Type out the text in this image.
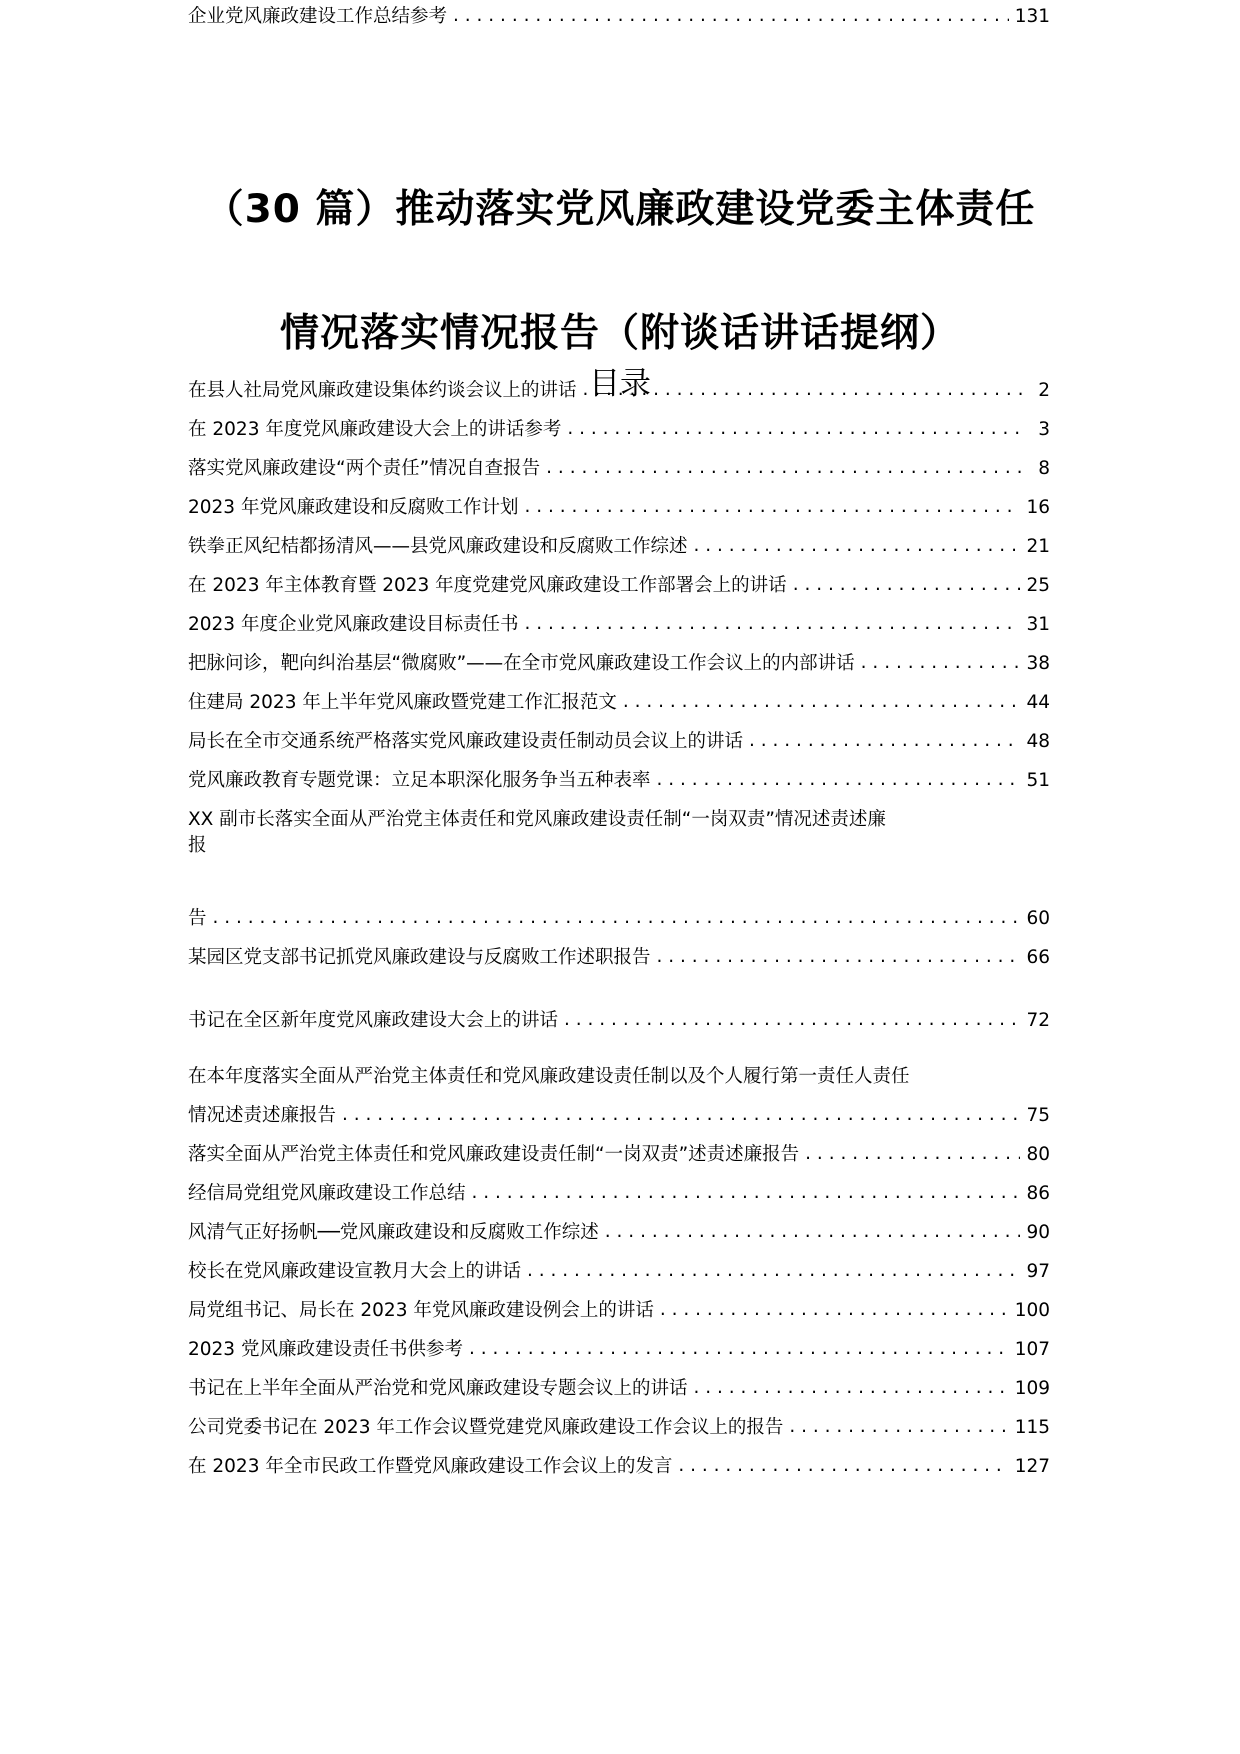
（30 篇）推动落实党风廉政建设党委主体责任
情况落实情况报告（附谈话讲话提纲）
目录
在县人社局党风廉政建设集体约谈会议上的讲话 . . .	2
在 2023 年度党风廉政建设大会上的讲话参考 . . .	3
落实党风廉政建设“两个责任”情况自查报告 . . .	8
2023 年党风廉政建设和反腐败工作计划 . . .	16
铁拳正风纪桔都扬清风——县党风廉政建设和反腐败工作综述 . . .	21
在 2023 年主体教育暨 2023 年度党建党风廉政建设工作部署会上的讲话 . . .	25
2023 年度企业党风廉政建设目标责任书 . . .	31
把脉问诊，靶向纠治基层“微腐败”——在全市党风廉政建设工作会议上的内部讲话 . . .	38
住建局 2023 年上半年党风廉政暨党建工作汇报范文 . . .	44
局长在全市交通系统严格落实党风廉政建设责任制动员会议上的讲话 . . .	48
党风廉政教育专题党课：立足本职深化服务争当五种表率 . . .	51
XX 副市长落实全面从严治党主体责任和党风廉政建设责任制“一岗双责”情况述责述廉
报
告 . . .	60
某园区党支部书记抓党风廉政建设与反腐败工作述职报告 . . .	66
书记在全区新年度党风廉政建设大会上的讲话 . . .	72
在本年度落实全面从严治党主体责任和党风廉政建设责任制以及个人履行第一责任人责任
情况述责述廉报告 . . .	75
落实全面从严治党主体责任和党风廉政建设责任制“一岗双责”述责述廉报告 . . .	80
经信局党组党风廉政建设工作总结 . . .	86
风清气正好扬帆──党风廉政建设和反腐败工作综述 . . .	90
校长在党风廉政建设宣教月大会上的讲话 . . .	97
局党组书记、局长在 2023 年党风廉政建设例会上的讲话 . . .	100
2023 党风廉政建设责任书供参考 . . .	107
书记在上半年全面从严治党和党风廉政建设专题会议上的讲话 . . .	109
公司党委书记在 2023 年工作会议暨党建党风廉政建设工作会议上的报告 . . .	115
在 2023 年全市民政工作暨党风廉政建设工作会议上的发言 . . .	127
企业党风廉政建设工作总结参考 . . .	131
